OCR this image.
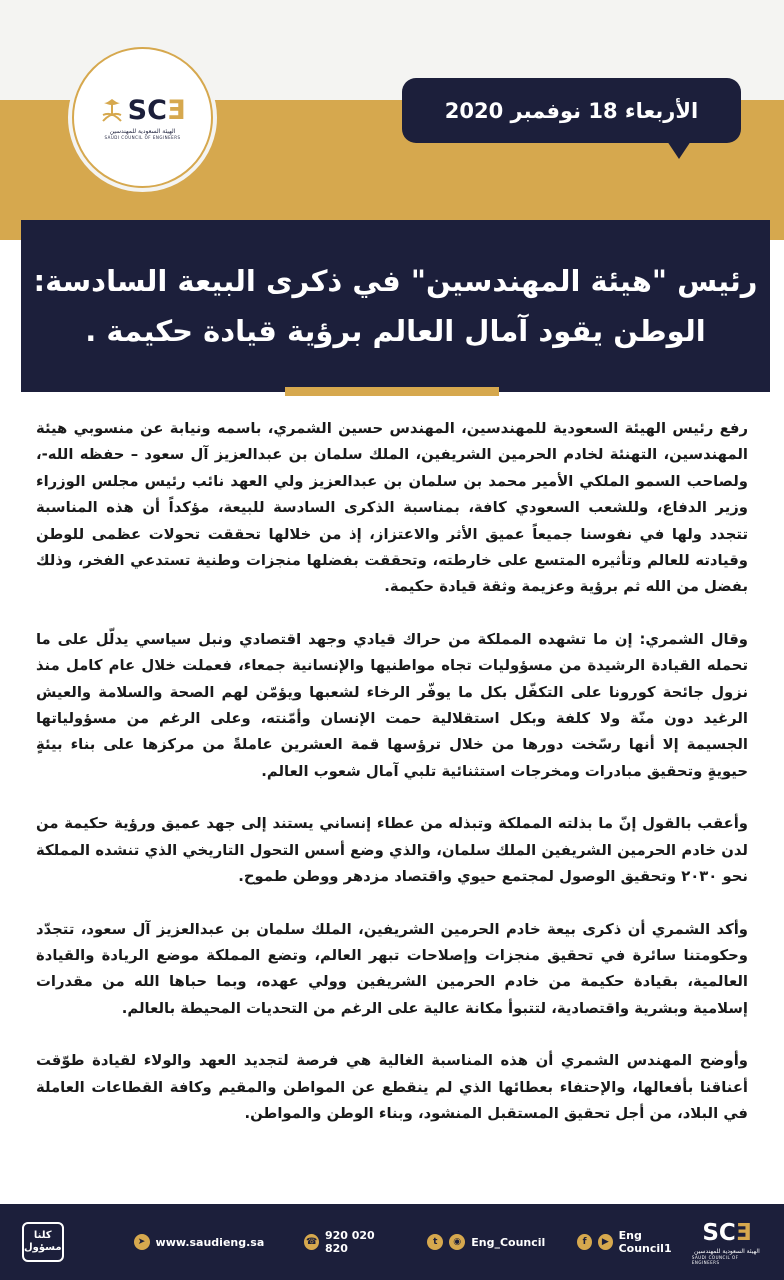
SCƎ
الهيئة السعودية للمهندسين
SAUDI COUNCIL OF ENGINEERS
الأربعاء 18 نوفمبر 2020
رئيس "هيئة المهندسين" في ذكرى البيعة السادسة:
الوطن يقود آمال العالم برؤية قيادة حكيمة .

رفع رئيس الهيئة السعودية للمهندسين، المهندس حسين الشمري، باسمه ونيابة عن منسوبي هيئة المهندسين، التهنئة لخادم الحرمين الشريفين، الملك سلمان بن عبدالعزيز آل سعود – حفظه الله-، ولصاحب السمو الملكي الأمير محمد بن سلمان بن عبدالعزيز ولي العهد نائب رئيس مجلس الوزراء وزير الدفاع، وللشعب السعودي كافة، بمناسبة الذكرى السادسة للبيعة، مؤكداً أن هذه المناسبة تتجدد ولها في نفوسنا جميعاً عميق الأثر والاعتزاز، إذ من خلالها تحققت تحولات عظمى للوطن وقيادته للعالم وتأثيره المتسع على خارطته، وتحققت بفضلها منجزات وطنية تستدعي الفخر، وذلك بفضل من الله ثم برؤية وعزيمة وثقة قيادة حكيمة.

وقال الشمري: إن ما تشهده المملكة من حراك قيادي وجهد اقتصادي ونبل سياسي يدلّل على ما تحمله القيادة الرشيدة من مسؤوليات تجاه مواطنيها والإنسانية جمعاء، فعملت خلال عام كامل منذ نزول جائحة كورونا على التكفّل بكل ما يوفّر الرخاء لشعبها ويؤمّن لهم الصحة والسلامة والعيش الرغيد دون منّة ولا كلفة وبكل استقلالية حمت الإنسان وأمّنته، وعلى الرغم من مسؤولياتها الجسيمة إلا أنها رسّخت دورها من خلال ترؤسها قمة العشرين عاملةً من مركزها على بناء بيئةٍ حيويةٍ وتحقيق مبادرات ومخرجات استثنائية تلبي آمال شعوب العالم.

وأعقب بالقول إنّ ما بذلته المملكة وتبذله من عطاء إنساني يستند إلى جهد عميق ورؤية حكيمة من لدن خادم الحرمين الشريفين الملك سلمان، والذي وضع أسس التحول التاريخي الذي تنشده المملكة نحو ٢٠٣٠ وتحقيق الوصول لمجتمع حيوي واقتصاد مزدهر ووطن طموح.

وأكد الشمري أن ذكرى بيعة خادم الحرمين الشريفين، الملك سلمان بن عبدالعزيز آل سعود، تتجدّد وحكومتنا سائرة في تحقيق منجزات وإصلاحات تبهر العالم، وتضع المملكة موضع الريادة والقيادة العالمية، بقيادة حكيمة من خادم الحرمين الشريفين وولي عهده، وبما حباها الله من مقدرات إسلامية وبشرية واقتصادية، لتتبوأ مكانة عالية على الرغم من التحديات المحيطة بالعالم.

وأوضح المهندس الشمري أن هذه المناسبة الغالية هي فرصة لتجديد العهد والولاء لقيادة طوّقت أعناقنا بأفعالها، والإحتفاء بعطائها الذي لم ينقطع عن المواطن والمقيم وكافة القطاعات العاملة في البلاد، من أجل تحقيق المستقبل المنشود، وبناء الوطن والمواطن.

كلنا
مسؤول	➤ www.saudieng.sa	☎ 920 020 820	t	◉ Eng_Council	f	▶ Eng Council1
SCƎ
الهيئة السعودية للمهندسين
SAUDI COUNCIL OF ENGINEERS
